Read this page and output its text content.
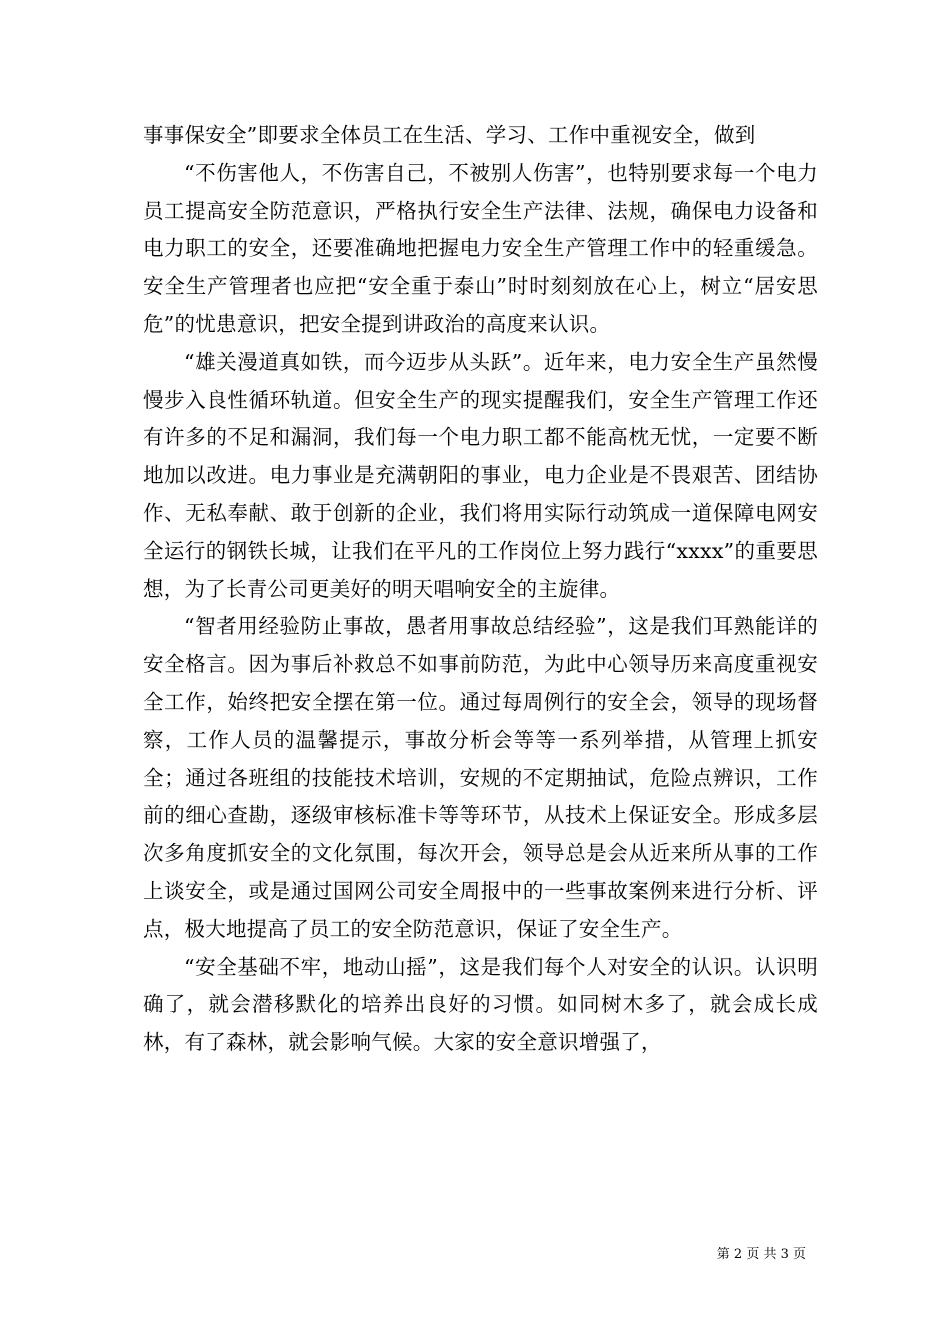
事事保安全”即要求全体员工在生活、学习、工作中重视安全，做到

“不伤害他人，不伤害自己，不被别人伤害”，也特别要求每一个电力员工提高安全防范意识，严格执行安全生产法律、法规，确保电力设备和电力职工的安全，还要准确地把握电力安全生产管理工作中的轻重缓急。安全生产管理者也应把“安全重于泰山”时时刻刻放在心上，树立“居安思危”的忧患意识，把安全提到讲政治的高度来认识。

“雄关漫道真如铁，而今迈步从头跃”。近年来，电力安全生产虽然慢慢步入良性循环轨道。但安全生产的现实提醒我们，安全生产管理工作还有许多的不足和漏洞，我们每一个电力职工都不能高枕无忧，一定要不断地加以改进。电力事业是充满朝阳的事业，电力企业是不畏艰苦、团结协作、无私奉献、敢于创新的企业，我们将用实际行动筑成一道保障电网安全运行的钢铁长城，让我们在平凡的工作岗位上努力践行“xxxx”的重要思想，为了长青公司更美好的明天唱响安全的主旋律。

“智者用经验防止事故，愚者用事故总结经验”，这是我们耳熟能详的安全格言。因为事后补救总不如事前防范，为此中心领导历来高度重视安全工作，始终把安全摆在第一位。通过每周例行的安全会，领导的现场督察，工作人员的温馨提示，事故分析会等等一系列举措，从管理上抓安全；通过各班组的技能技术培训，安规的不定期抽试，危险点辨识，工作前的细心查勘，逐级审核标准卡等等环节，从技术上保证安全。形成多层次多角度抓安全的文化氛围，每次开会，领导总是会从近来所从事的工作上谈安全，或是通过国网公司安全周报中的一些事故案例来进行分析、评点，极大地提高了员工的安全防范意识，保证了安全生产。

“安全基础不牢，地动山摇”，这是我们每个人对安全的认识。认识明确了，就会潜移默化的培养出良好的习惯。如同树木多了，就会成长成林，有了森林，就会影响气候。大家的安全意识增强了，

第 2 页 共 3 页
